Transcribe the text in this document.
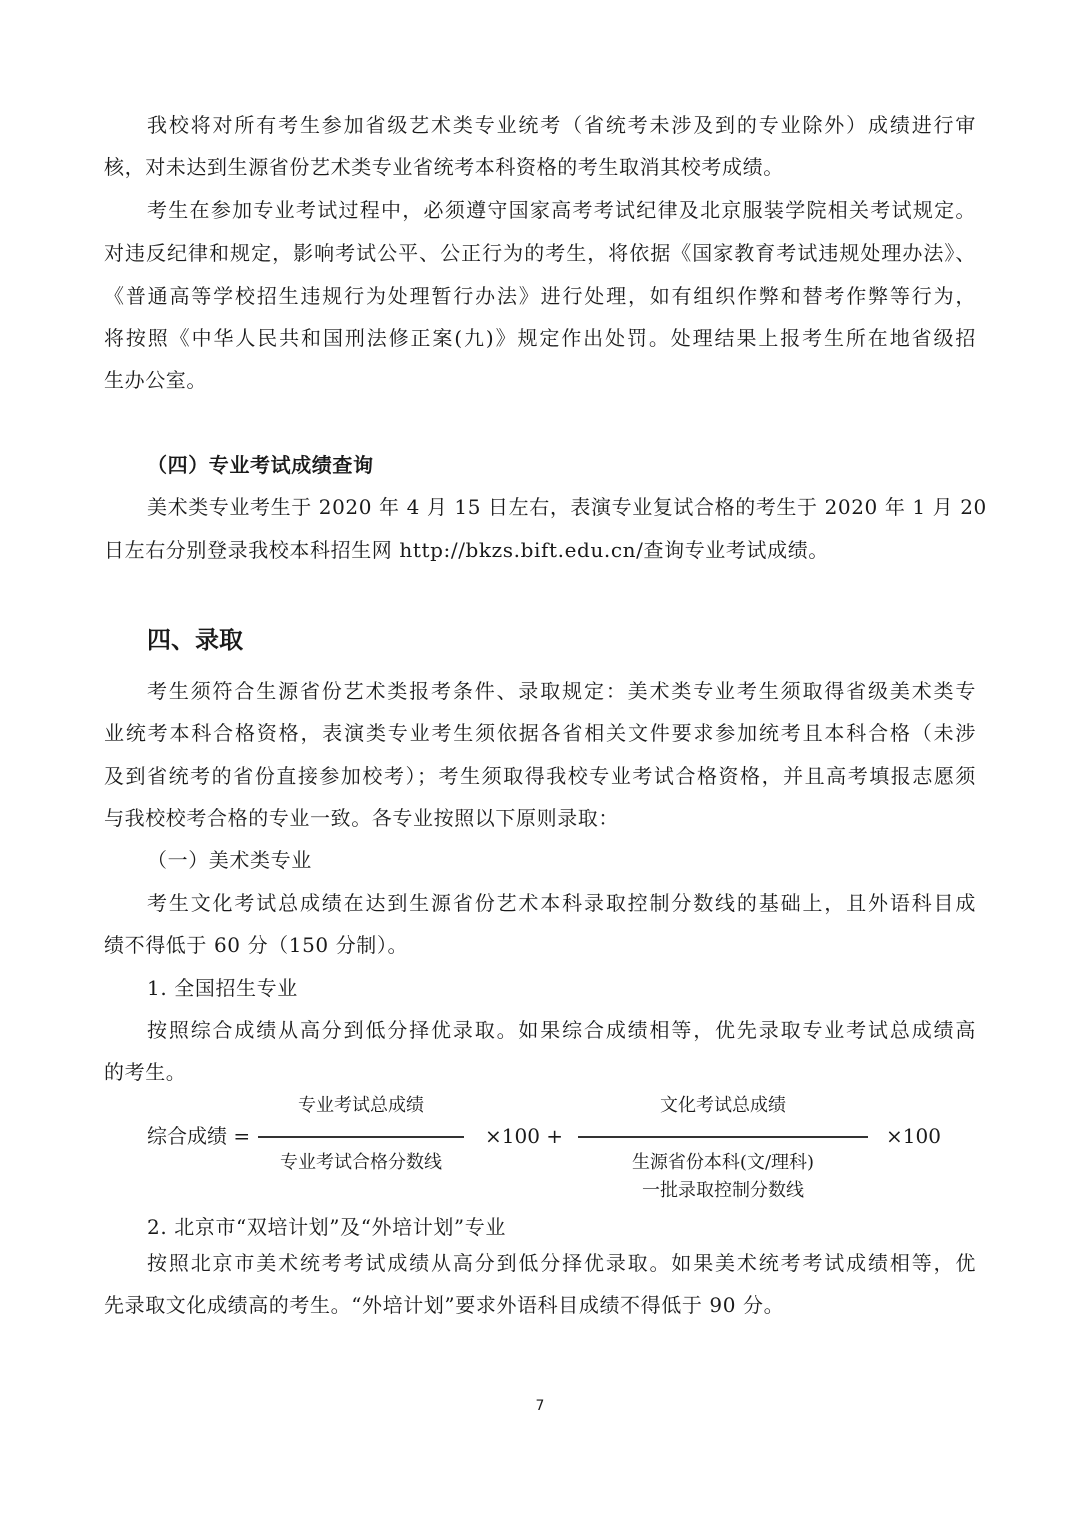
我校将对所有考生参加省级艺术类专业统考（省统考未涉及到的专业除外）成绩进行审
核，对未达到生源省份艺术类专业省统考本科资格的考生取消其校考成绩。
考生在参加专业考试过程中，必须遵守国家高考考试纪律及北京服装学院相关考试规定。
对违反纪律和规定，影响考试公平、公正行为的考生，将依据《国家教育考试违规处理办法》、
《普通高等学校招生违规行为处理暂行办法》进行处理，如有组织作弊和替考作弊等行为，
将按照《中华人民共和国刑法修正案(九)》规定作出处罚。处理结果上报考生所在地省级招
生办公室。
（四）专业考试成绩查询
美术类专业考生于 2020 年 4 月 15 日左右，表演专业复试合格的考生于 2020 年 1 月 20
日左右分别登录我校本科招生网 http://bkzs.bift.edu.cn/查询专业考试成绩。
四、录取
考生须符合生源省份艺术类报考条件、录取规定：美术类专业考生须取得省级美术类专
业统考本科合格资格，表演类专业考生须依据各省相关文件要求参加统考且本科合格（未涉
及到省统考的省份直接参加校考）；考生须取得我校专业考试合格资格，并且高考填报志愿须
与我校校考合格的专业一致。各专业按照以下原则录取：
（一）美术类专业
考生文化考试总成绩在达到生源省份艺术本科录取控制分数线的基础上，且外语科目成
绩不得低于 60 分（150 分制）。
1. 全国招生专业
按照综合成绩从高分到低分择优录取。如果综合成绩相等，优先录取专业考试总成绩高
的考生。
综合成绩 =
专业考试总成绩
专业考试合格分数线
×100 +
文化考试总成绩
生源省份本科(文/理科)
一批录取控制分数线
×100
2. 北京市“双培计划”及“外培计划”专业
按照北京市美术统考考试成绩从高分到低分择优录取。如果美术统考考试成绩相等，优
先录取文化成绩高的考生。“外培计划”要求外语科目成绩不得低于 90 分。
7
